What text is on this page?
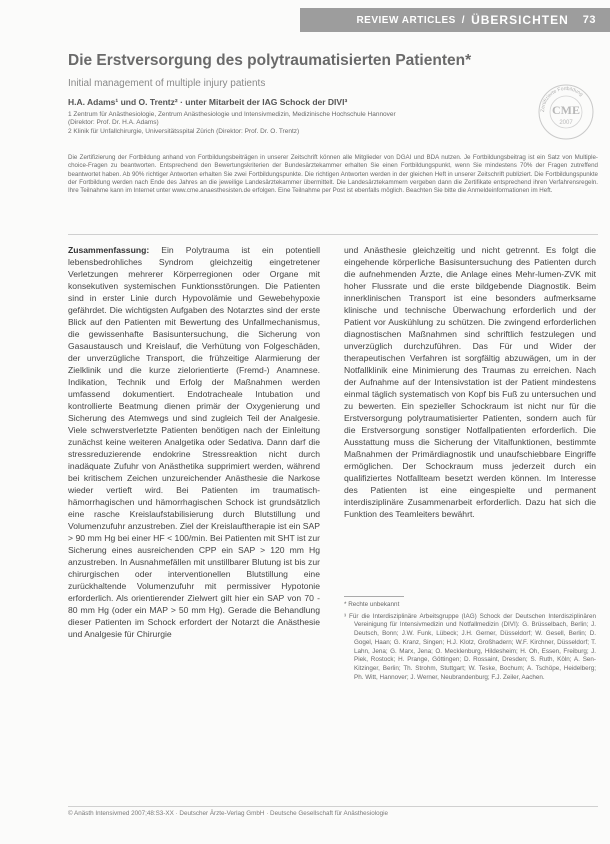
REVIEW ARTICLES / ÜBERSICHTEN 73
Die Erstversorgung des polytraumatisierten Patienten*
Initial management of multiple injury patients
H.A. Adams¹ und O. Trentz² · unter Mitarbeit der IAG Schock der DIVI³
1 Zentrum für Anästhesiologie, Zentrum Anästhesiologie und Intensivmedizin, Medizinische Hochschule Hannover
(Direktor: Prof. Dr. H.A. Adams)
2 Klinik für Unfallchirurgie, Universitätsspital Zürich (Direktor: Prof. Dr. O. Trentz)
Zertifizierte Fortbildung
CME
2007
Die Zertifizierung der Fortbildung anhand von Fortbildungsbeiträgen in unserer Zeitschrift können alle Mitglieder von DGAI und BDA nutzen. Je Fortbildungsbeitrag ist ein Satz von Multiple-choice-Fragen zu beantworten. Entsprechend den Bewertungskriterien der Bundesärztekammer erhalten Sie einen Fortbildungspunkt, wenn Sie mindestens 70% der Fragen zutreffend beantwortet haben. Ab 90% richtiger Antworten erhalten Sie zwei Fortbildungspunkte. Die richtigen Antworten werden in der gleichen Heft in unserer Zeitschrift publiziert. Die Fortbildungspunkte der Fortbildung werden nach Ende des Jahres an die jeweilige Landesärztekammer übermittelt. Die Landesärztekammern vergeben dann die Zertifikate entsprechend ihren Verfahrensregeln. Ihre Teilnahme kann im Internet unter www.cme.anaesthesisten.de erfolgen. Eine Teilnahme per Post ist ebenfalls möglich. Beachten Sie bitte die Anmeldeinformationen im Heft.
Zusammenfassung: Ein Polytrauma ist ein potentiell lebensbedrohliches Syndrom gleichzeitig eingetretener Verletzungen mehrerer Körperregionen oder Organe mit konsekutiven systemischen Funktionsstörungen. Die Patienten sind in erster Linie durch Hypovolämie und Gewebehypoxie gefährdet. Die wichtigsten Aufgaben des Notarztes sind der erste Blick auf den Patienten mit Bewertung des Unfallmechanismus, die gewissenhafte Basisuntersuchung, die Sicherung von Gasaustausch und Kreislauf, die Verhütung von Folgeschäden, der unverzügliche Transport, die frühzeitige Alarmierung der Zielklinik und die kurze zielorientierte (Fremd-) Anamnese. Indikation, Technik und Erfolg der Maßnahmen werden umfassend dokumentiert. Endotracheale Intubation und kontrollierte Beatmung dienen primär der Oxygenierung und Sicherung des Atemwegs und sind zugleich Teil der Analgesie. Viele schwerstverletzte Patienten benötigen nach der Einleitung zunächst keine weiteren Analgetika oder Sedativa. Dann darf die stressreduzierende endokrine Stressreaktion nicht durch inadäquate Zufuhr von Anästhetika supprimiert werden, während bei kritischem Zeichen unzureichender Anästhesie die Narkose wieder vertieft wird. Bei Patienten im traumatisch-hämorrhagischen und hämorrhagischen Schock ist grundsätzlich eine rasche Kreislaufstabilisierung durch Blutstillung und Volumenzufuhr anzustreben. Ziel der Kreislauftherapie ist ein SAP > 90 mm Hg bei einer HF < 100/min. Bei Patienten mit SHT ist zur Sicherung eines ausreichenden CPP ein SAP > 120 mm Hg anzustreben. In Ausnahmefällen mit unstillbarer Blutung ist bis zur chirurgischen oder interventionellen Blutstillung eine zurückhaltende Volumenzufuhr mit permissiver Hypotonie erforderlich. Als orientierender Zielwert gilt hier ein SAP von 70 - 80 mm Hg (oder ein MAP > 50 mm Hg). Gerade die Behandlung dieser Patienten im Schock erfordert der Notarzt die Anästhesie und Analgesie für Chirurgie
und Anästhesie gleichzeitig und nicht getrennt. Es folgt die eingehende körperliche Basisuntersuchung des Patienten durch die aufnehmenden Ärzte, die Anlage eines Mehr-lumen-ZVK mit hoher Flussrate und die erste bildgebende Diagnostik. Beim innerklinischen Transport ist eine besonders aufmerksame klinische und technische Überwachung erforderlich und der Patient vor Auskühlung zu schützen. Die zwingend erforderlichen diagnostischen Maßnahmen sind schriftlich festzulegen und unverzüglich durchzuführen. Das Für und Wider der therapeutischen Verfahren ist sorgfältig abzuwägen, um in der Notfallklinik eine Minimierung des Traumas zu erreichen. Nach der Aufnahme auf der Intensivstation ist der Patient mindestens einmal täglich systematisch von Kopf bis Fuß zu untersuchen und zu bewerten. Ein spezieller Schockraum ist nicht nur für die Erstversorgung polytraumatisierter Patienten, sondern auch für die Erstversorgung sonstiger Notfallpatienten erforderlich. Die Ausstattung muss die Sicherung der Vitalfunktionen, bestimmte Maßnahmen der Primärdiagnostik und unaufschiebbare Eingriffe ermöglichen. Der Schockraum muss jederzeit durch ein qualifiziertes Notfallteam besetzt werden können. Im Interesse des Patienten ist eine eingespielte und permanent interdisziplinäre Zusammenarbeit erforderlich. Dazu hat sich die Funktion des Teamleiters bewährt.

* Rechte unbekannt

³ Für die Interdisziplinäre Arbeitsgruppe (IAG) Schock der Deutschen Interdisziplinären Vereinigung für Intensivmedizin und Notfallmedizin (DIVI): G. Brüsselbach, Berlin; J. Deutsch, Bonn; J.W. Funk, Lübeck; J.H. Gerner, Düsseldorf; W. Gesell, Berlin; D. Gogel, Haan; G. Kranz, Singen; H.J. Klotz, Großhadern; W.F. Kirchner, Düsseldorf; T. Lahn, Jena; G. Marx, Jena; O. Mecklenburg, Hildesheim; H. Oh, Essen, Freiburg; J. Piek, Rostock; H. Prange, Göttingen; D. Rossaint, Dresden; S. Ruth, Köln; A. Sen-Kitzinger, Berlin; Th. Strohm, Stuttgart; W. Teske, Bochum; A. Tschöpe, Heidelberg; Ph. Witt, Hannover; J. Werner, Neubrandenburg; F.J. Zeiler, Aachen.

© Anästh Intensivmed 2007;48:S3-XX · Deutscher Ärzte-Verlag GmbH · Deutsche Gesellschaft für Anästhesiologie
